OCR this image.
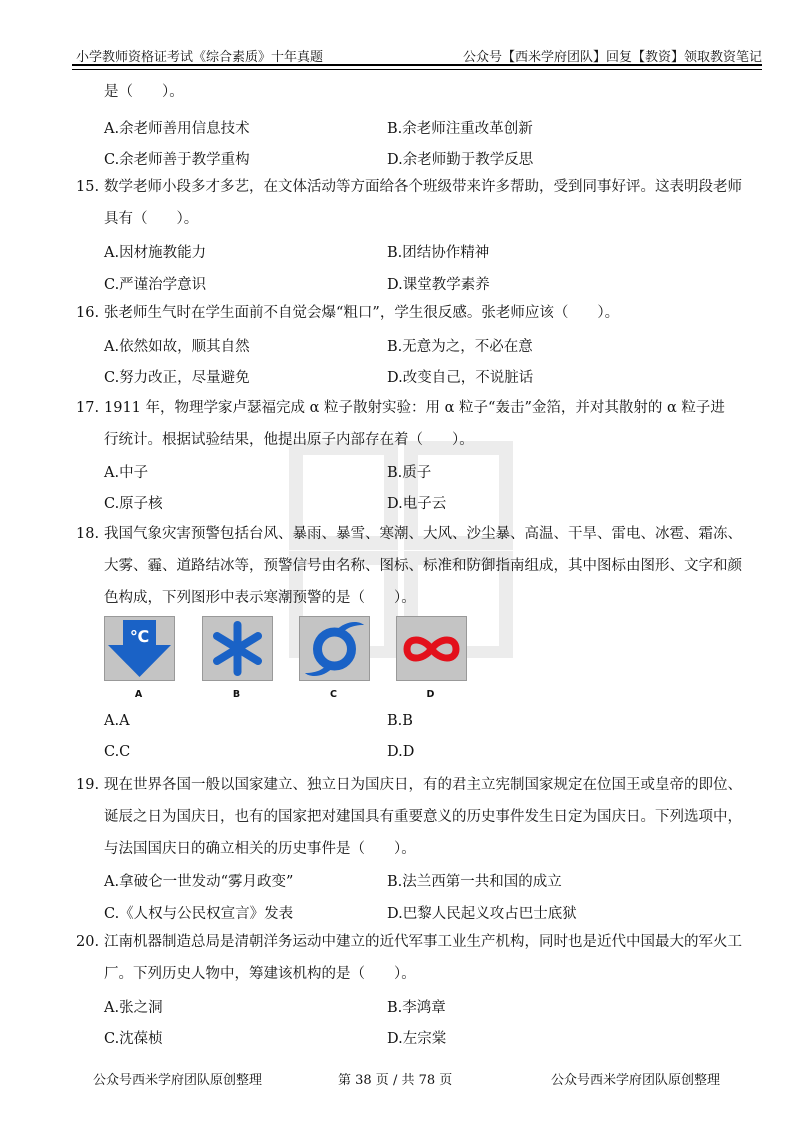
小学教师资格证考试《综合素质》十年真题	公众号【西米学府团队】回复【教资】领取教资笔记
是（　　）。
A.余老师善用信息技术	B.余老师注重改革创新
C.余老师善于教学重构	D.余老师勤于教学反思
15. 数学老师小段多才多艺，在文体活动等方面给各个班级带来许多帮助，受到同事好评。这表明段老师
具有（　　）。
A.因材施教能力	B.团结协作精神
C.严谨治学意识	D.课堂教学素养
16. 张老师生气时在学生面前不自觉会爆“粗口”，学生很反感。张老师应该（　　）。
A.依然如故，顺其自然	B.无意为之，不必在意
C.努力改正，尽量避免	D.改变自己，不说脏话
17. 1911 年，物理学家卢瑟福完成 α 粒子散射实验：用 α 粒子“轰击”金箔，并对其散射的 α 粒子进
行统计。根据试验结果，他提出原子内部存在着（　　）。
A.中子	B.质子
C.原子核	D.电子云
18. 我国气象灾害预警包括台风、暴雨、暴雪、寒潮、大风、沙尘暴、高温、干旱、雷电、冰雹、霜冻、
大雾、霾、道路结冰等，预警信号由名称、图标、标准和防御指南组成，其中图标由图形、文字和颜
色构成，下列图形中表示寒潮预警的是（　　）。
℃
A	B	C	D
A.A	B.B
C.C	D.D
19. 现在世界各国一般以国家建立、独立日为国庆日，有的君主立宪制国家规定在位国王或皇帝的即位、
诞辰之日为国庆日，也有的国家把对建国具有重要意义的历史事件发生日定为国庆日。下列选项中，
与法国国庆日的确立相关的历史事件是（　　）。
A.拿破仑一世发动“雾月政变”	B.法兰西第一共和国的成立
C.《人权与公民权宣言》发表	D.巴黎人民起义攻占巴士底狱
20. 江南机器制造总局是清朝洋务运动中建立的近代军事工业生产机构，同时也是近代中国最大的军火工
厂。下列历史人物中，筹建该机构的是（　　）。
A.张之洞	B.李鸿章
C.沈葆桢	D.左宗棠
公众号西米学府团队原创整理	第 38 页 / 共 78 页	公众号西米学府团队原创整理
